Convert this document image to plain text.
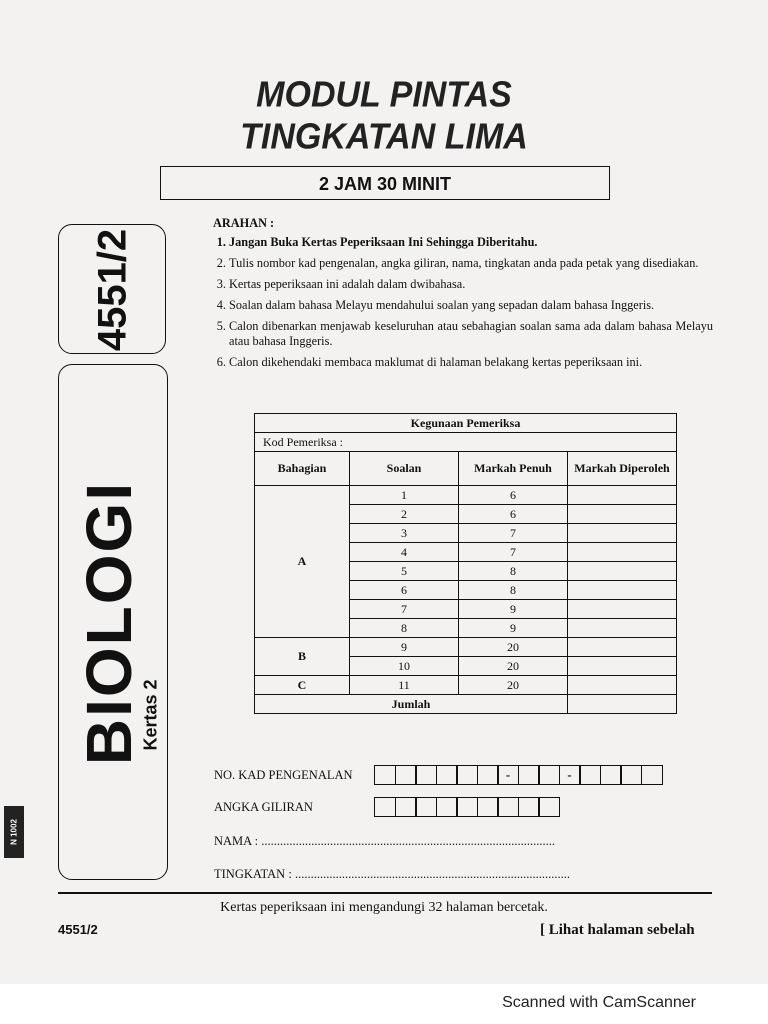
MODUL PINTAS
TINGKATAN LIMA
2 JAM 30 MINIT
4551/2
BIOLOGI
Kertas 2
N 1002
ARAHAN :
1. Jangan Buka Kertas Peperiksaan Ini Sehingga Diberitahu.
2. Tulis nombor kad pengenalan, angka giliran, nama, tingkatan anda pada petak yang disediakan.
3. Kertas peperiksaan ini adalah dalam dwibahasa.
4. Soalan dalam bahasa Melayu mendahului soalan yang sepadan dalam bahasa Inggeris.
5. Calon dibenarkan menjawab keseluruhan atau sebahagian soalan sama ada dalam bahasa Melayu atau bahasa Inggeris.
6. Calon dikehendaki membaca maklumat di halaman belakang kertas peperiksaan ini.
Kegunaan Pemeriksa			
Kod Pemeriksa :			
Bahagian	Soalan	Markah Penuh	Markah Diperoleh
A	1	6	
	2	6	
	3	7	
	4	7	
	5	8	
	6	8	
	7	9	
	8	9	
B	9	20	
	10	20	
C	11	20	
Jumlah			
NO. KAD PENGENALAN	-	-
ANGKA GILIRAN
NAMA : ..............................................................................................
TINGKATAN : ........................................................................................
Kertas peperiksaan ini mengandungi 32 halaman bercetak.
4551/2	[ Lihat halaman sebelah
Scanned with CamScanner
